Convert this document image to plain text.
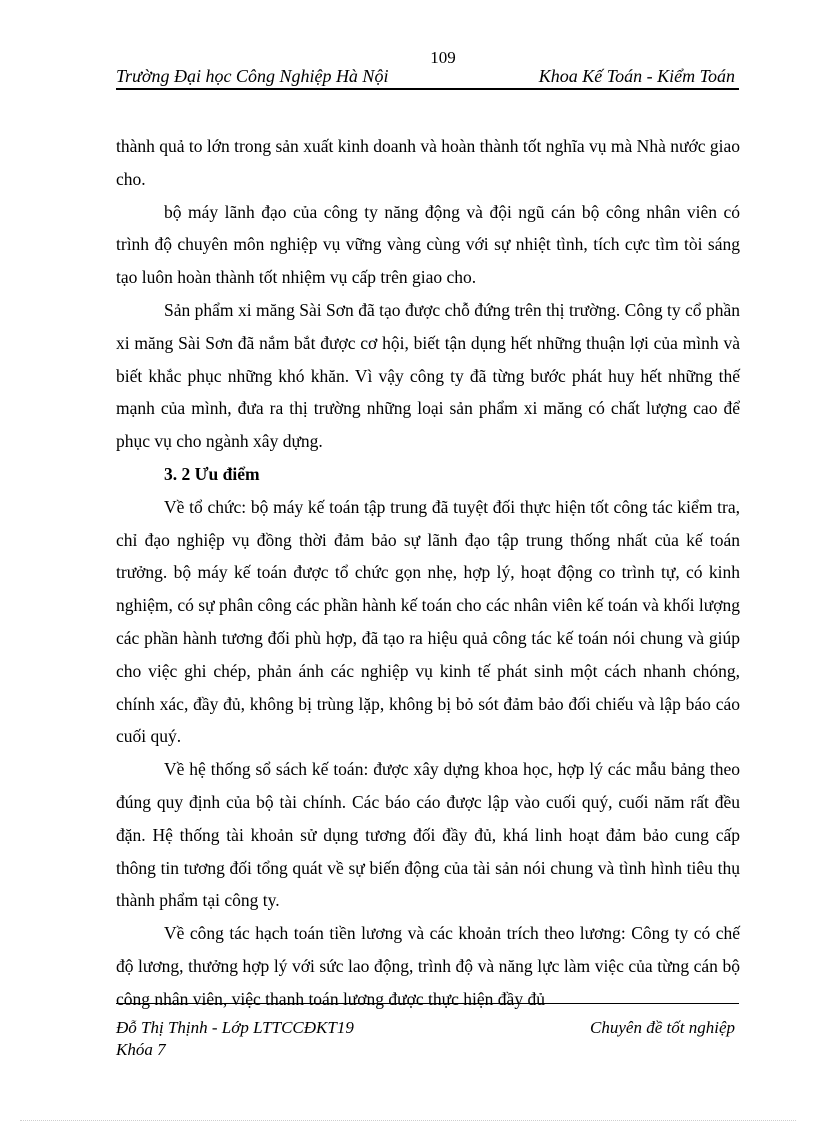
109
Trường Đại học Công Nghiệp Hà Nội	Khoa Kế Toán - Kiểm Toán

thành quả to lớn trong sản xuất kinh doanh và hoàn thành tốt nghĩa vụ mà Nhà nước giao cho.

bộ máy lãnh đạo của công ty năng động và đội ngũ cán bộ công nhân viên có trình độ chuyên môn nghiệp vụ vững vàng cùng với sự nhiệt tình, tích cực tìm tòi sáng tạo luôn hoàn thành tốt nhiệm vụ cấp trên giao cho.

Sản phẩm xi măng Sài Sơn đã tạo được chỗ đứng trên thị trường. Công ty cổ phần xi măng Sài Sơn đã nắm bắt được cơ hội, biết tận dụng hết những thuận lợi của mình và biết khắc phục những khó khăn. Vì vậy công ty đã từng bước phát huy hết những thế mạnh của mình, đưa ra thị trường những loại sản phẩm xi măng có chất lượng cao để phục vụ cho ngành xây dựng.

3. 2 Ưu điểm

Về tổ chức: bộ máy kế toán tập trung đã tuyệt đối thực hiện tốt công tác kiểm tra, chỉ đạo nghiệp vụ đồng thời đảm bảo sự lãnh đạo tập trung thống nhất của kế toán trưởng. bộ máy kế toán được tổ chức gọn nhẹ, hợp lý, hoạt động co trình tự, có kinh nghiệm, có sự phân công các phần hành kế toán cho các nhân viên kế toán và khối lượng các phần hành tương đối phù hợp, đã tạo ra hiệu quả công tác kế toán nói chung và giúp cho việc ghi chép, phản ánh các nghiệp vụ kinh tế phát sinh một cách nhanh chóng, chính xác, đầy đủ, không bị trùng lặp, không bị bỏ sót đảm bảo đối chiếu và lập báo cáo cuối quý.

Về hệ thống sổ sách kế toán: được xây dựng khoa học, hợp lý các mẫu bảng theo đúng quy định của bộ tài chính. Các báo cáo được lập vào cuối quý, cuối năm rất đều đặn. Hệ thống tài khoản sử dụng tương đối đầy đủ, khá linh hoạt đảm bảo cung cấp thông tin tương đối tổng quát về sự biến động của tài sản nói chung và tình hình tiêu thụ thành phẩm tại công ty.

Về công tác hạch toán tiền lương và các khoản trích theo lương: Công ty có chế độ lương, thưởng hợp lý với sức lao động, trình độ và năng lực làm việc của từng cán bộ công nhân viên, việc thanh toán lương được thực hiện đầy đủ

Đỗ Thị Thịnh - Lớp LTTCCĐKT19
Khóa 7
Chuyên đề tốt nghiệp
